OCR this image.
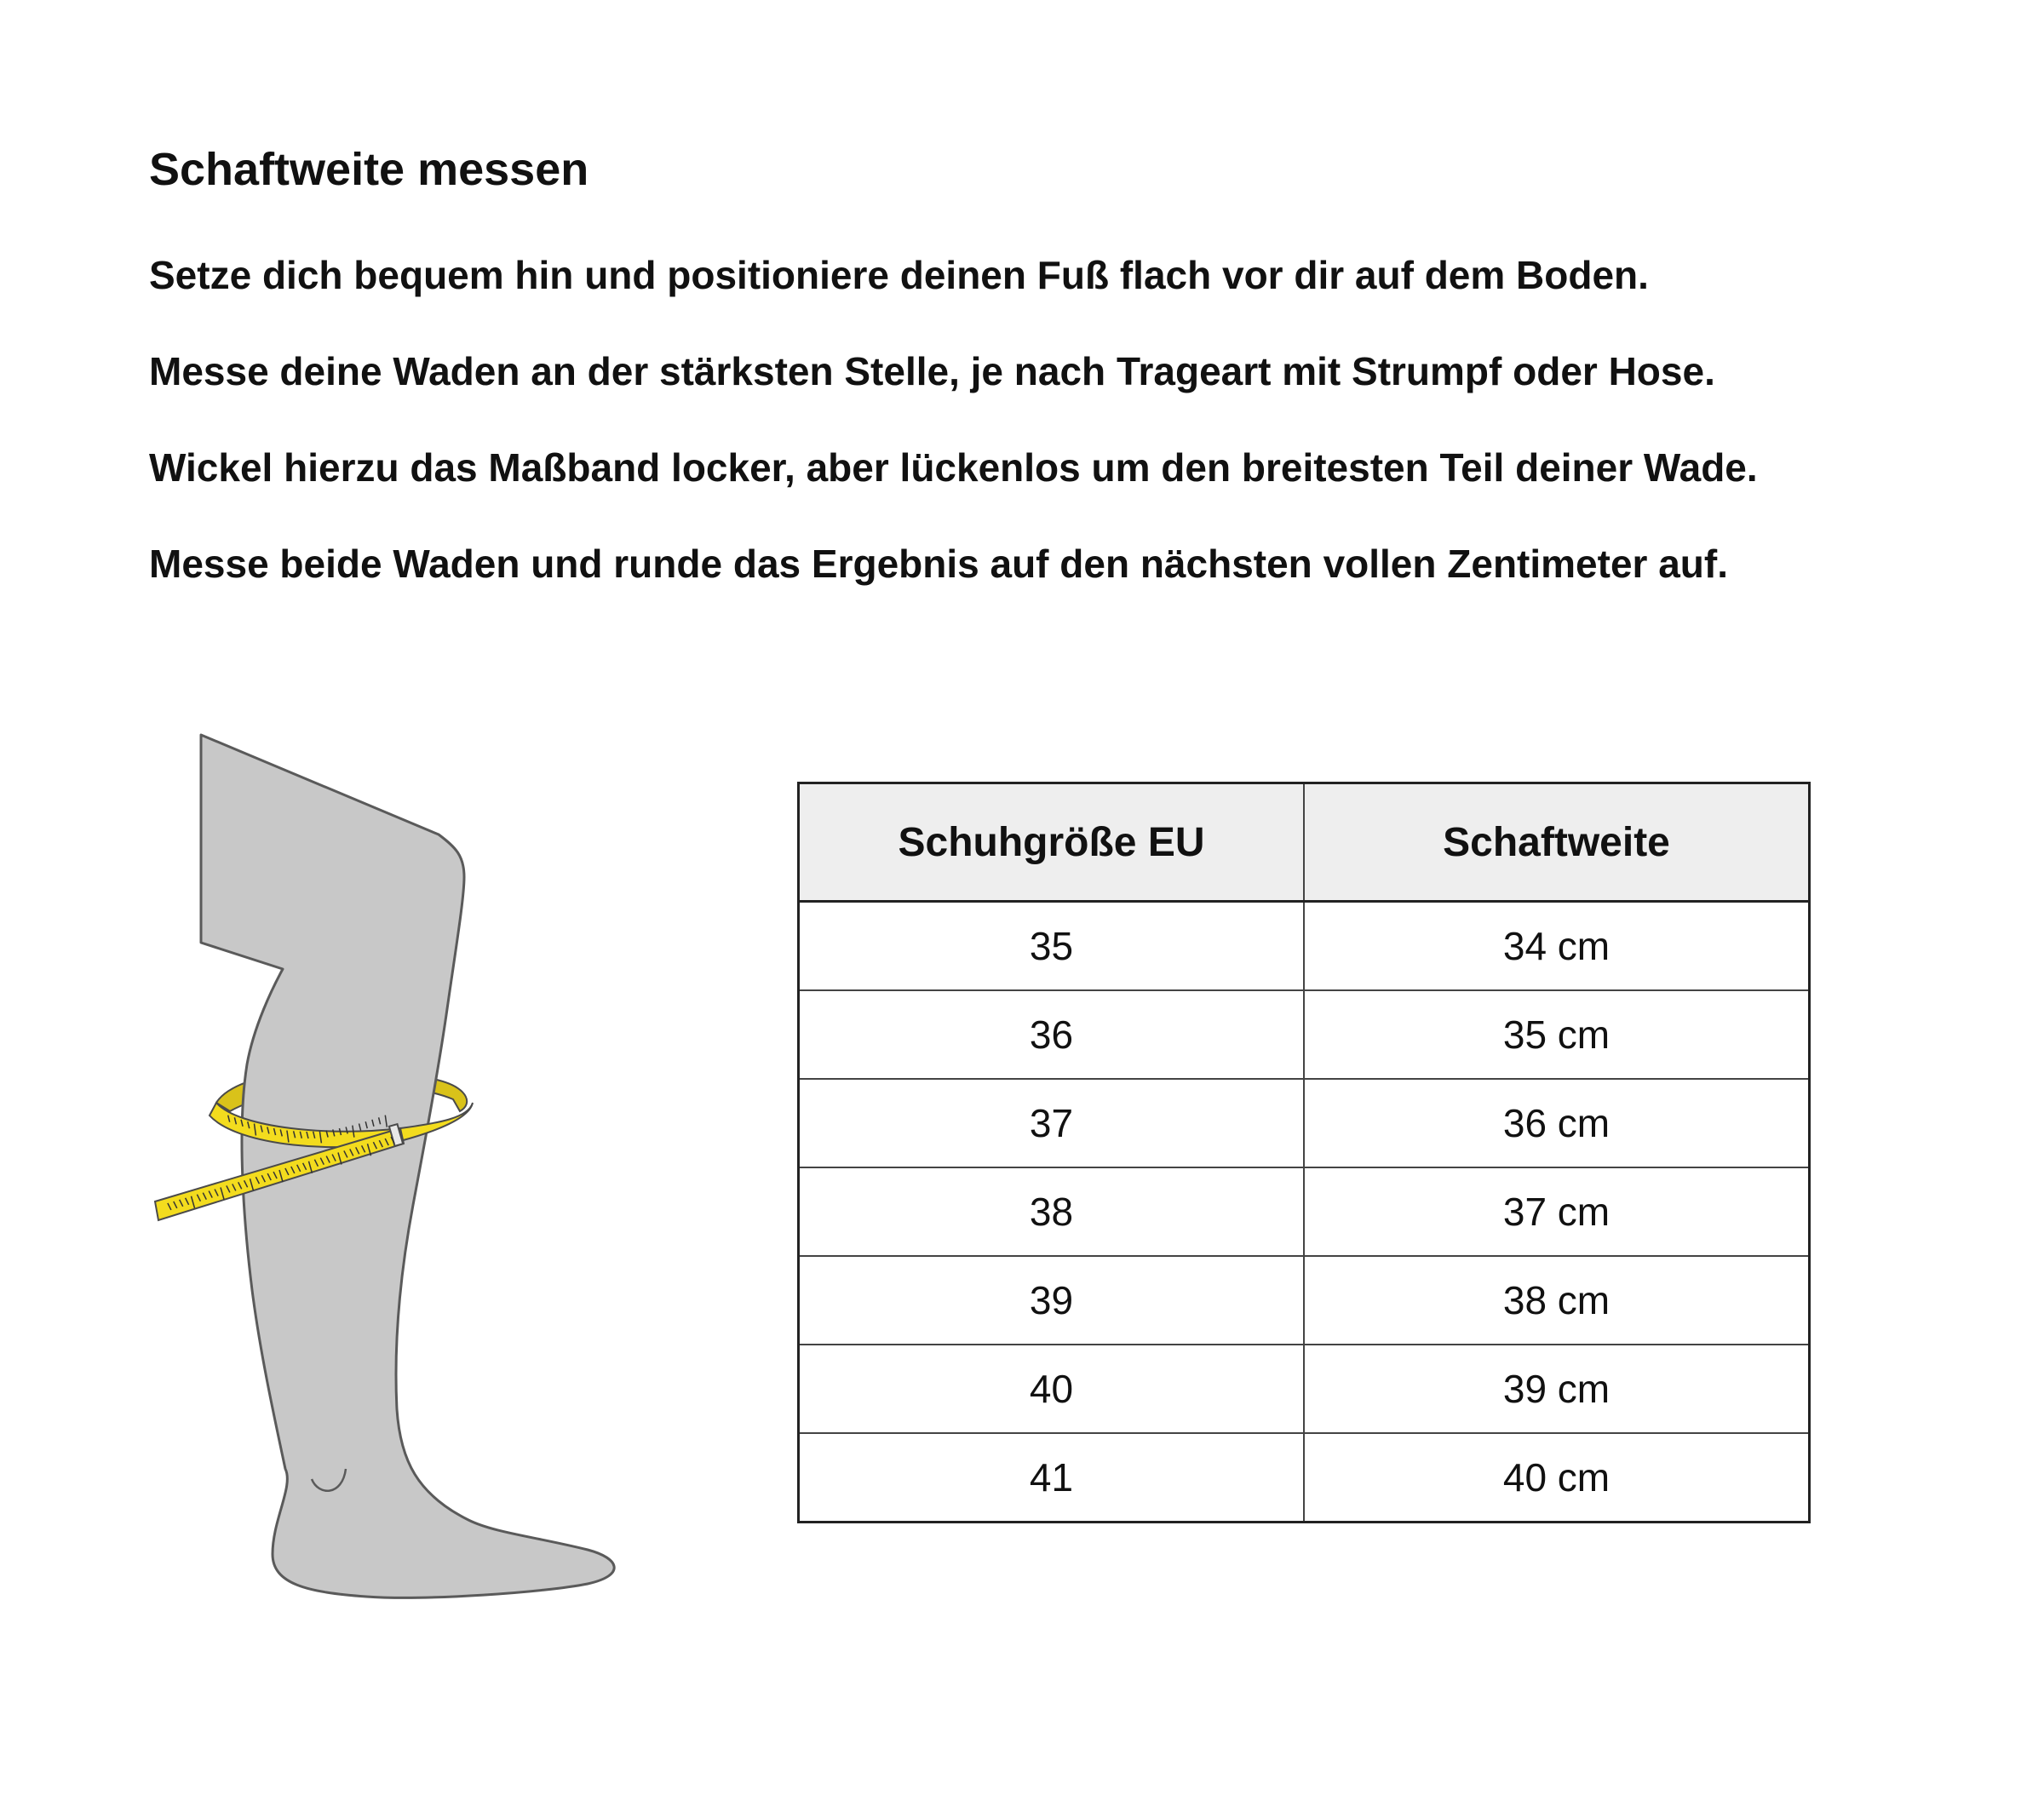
Schaftweite messen
Setze dich bequem hin und positioniere deinen Fuß flach vor dir auf dem Boden.
Messe deine Waden an der stärksten Stelle, je nach Trageart mit Strumpf oder Hose.
Wickel hierzu das Maßband locker, aber lückenlos um den breitesten Teil deiner Wade.
Messe beide Waden und runde das Ergebnis auf den nächsten vollen Zentimeter auf.
Schuhgröße EU	Schaftweite
35	34 cm
36	35 cm
37	36 cm
38	37 cm
39	38 cm
40	39 cm
41	40 cm
